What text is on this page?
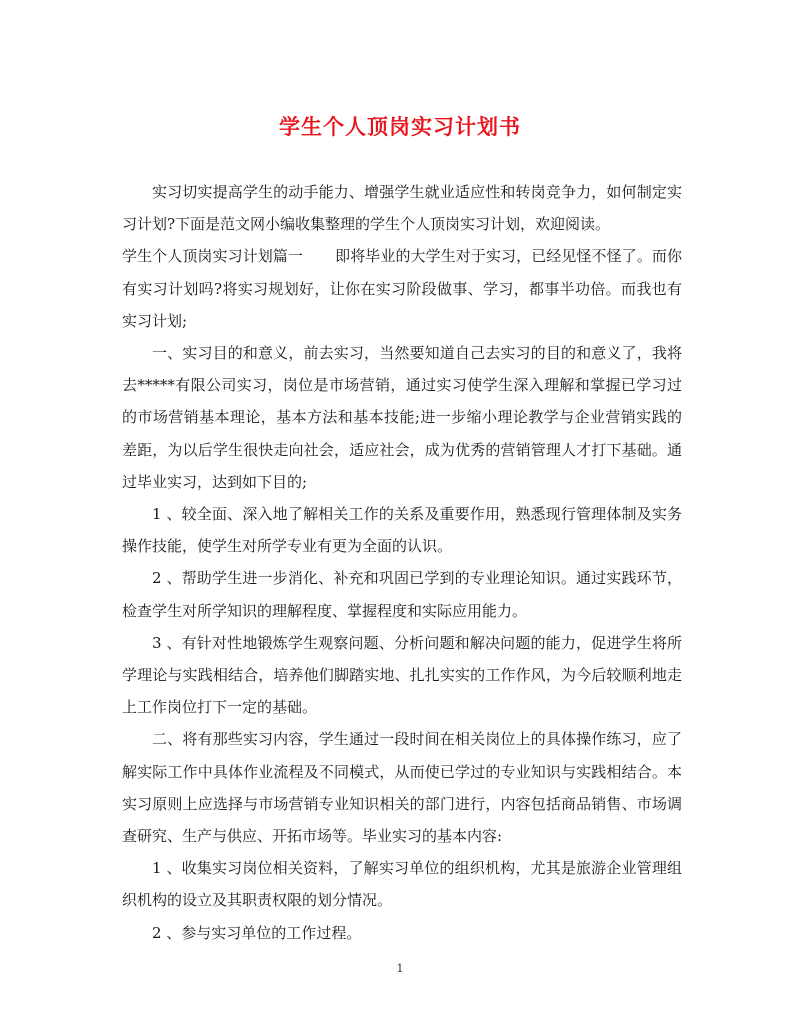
学生个人顶岗实习计划书

实习切实提高学生的动手能力、增强学生就业适应性和转岗竞争力，如何制定实习计划?下面是范文网小编收集整理的学生个人顶岗实习计划，欢迎阅读。

学生个人顶岗实习计划篇一 即将毕业的大学生对于实习，已经见怪不怪了。而你有实习计划吗?将实习规划好，让你在实习阶段做事、学习，都事半功倍。而我也有实习计划;

一、实习目的和意义，前去实习，当然要知道自己去实习的目的和意义了，我将去*****有限公司实习，岗位是市场营销，通过实习使学生深入理解和掌握已学习过的市场营销基本理论，基本方法和基本技能;进一步缩小理论教学与企业营销实践的差距，为以后学生很快走向社会，适应社会，成为优秀的营销管理人才打下基础。通过毕业实习，达到如下目的;

1 、较全面、深入地了解相关工作的关系及重要作用，熟悉现行管理体制及实务操作技能，使学生对所学专业有更为全面的认识。

2 、帮助学生进一步消化、补充和巩固已学到的专业理论知识。通过实践环节，检查学生对所学知识的理解程度、掌握程度和实际应用能力。

3 、有针对性地锻炼学生观察问题、分析问题和解决问题的能力，促进学生将所学理论与实践相结合，培养他们脚踏实地、扎扎实实的工作作风，为今后较顺利地走上工作岗位打下一定的基础。

二、将有那些实习内容，学生通过一段时间在相关岗位上的具体操作练习，应了解实际工作中具体作业流程及不同模式，从而使已学过的专业知识与实践相结合。本实习原则上应选择与市场营销专业知识相关的部门进行，内容包括商品销售、市场调查研究、生产与供应、开拓市场等。毕业实习的基本内容:

1 、收集实习岗位相关资料，了解实习单位的组织机构，尤其是旅游企业管理组织机构的设立及其职责权限的划分情况。

2 、参与实习单位的工作过程。

1
